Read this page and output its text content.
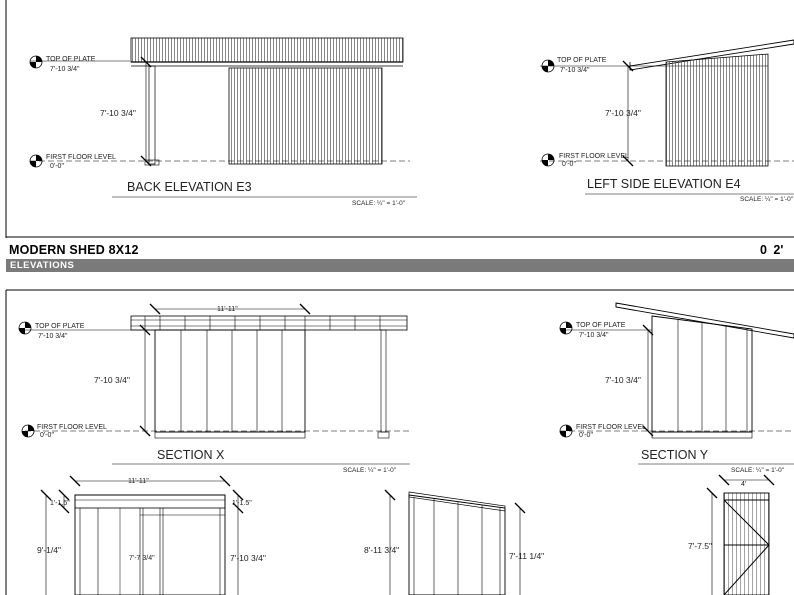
TOP OF PLATE
7'-10 3/4"
FIRST FLOOR LEVEL
0'-0"
7'-10 3/4"
BACK ELEVATION E3
SCALE: ¼" = 1'-0"
TOP OF PLATE
7'-10 3/4"
FIRST FLOOR LEVEL
0'-0"
7'-10 3/4"
LEFT SIDE ELEVATION E4
SCALE: ¼" = 1'-0"
TOP OF PLATE
7'-10 3/4"
FIRST FLOOR LEVEL
0'-0"
7'-10 3/4"
11'-11"
SECTION X
SCALE: ¼" = 1'-0"
TOP OF PLATE
7'-10 3/4"
FIRST FLOOR LEVEL
0'-0"
7'-10 3/4"
SECTION Y
SCALE: ¼" = 1'-0"
11'-11"
1'-1.5"	1'-1.5"
9'-1/4"
7'-7 3/4"	7'-10 3/4"
8'-11 3/4"
7'-11 1/4"
4'
7'-7.5"
MODERN SHED 8X12	0 2'
ELEVATIONS
